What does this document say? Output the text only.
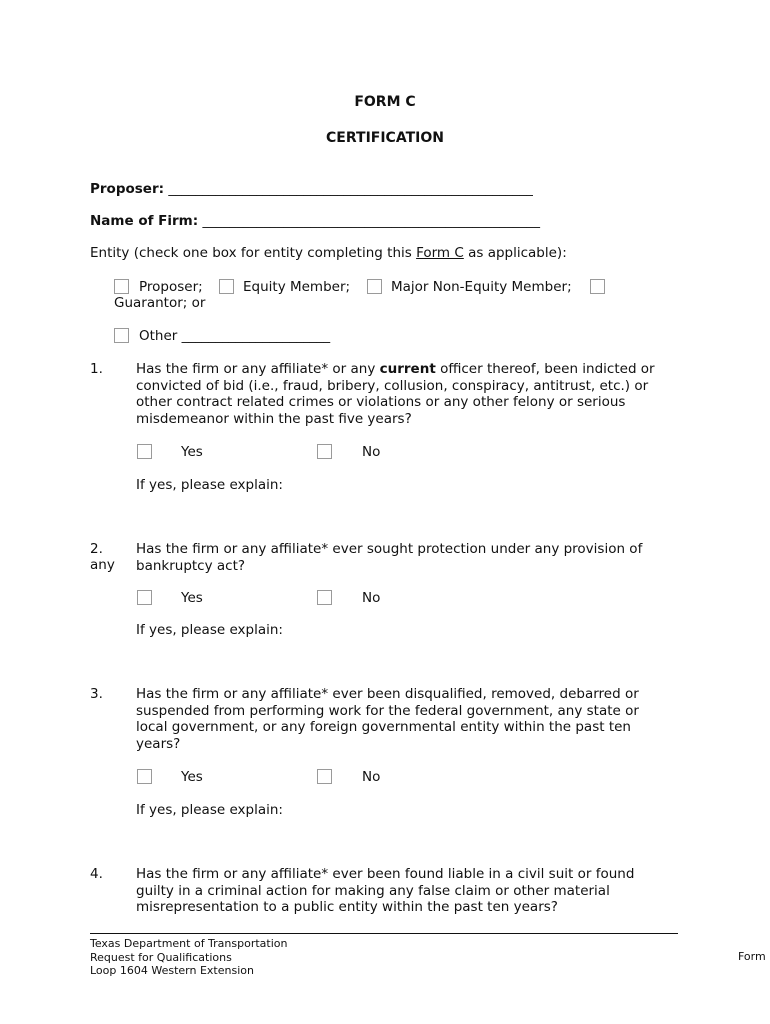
FORM C
CERTIFICATION
Proposer: ______________________________________________________
Name of Firm: __________________________________________________
Entity (check one box for entity completing this Form C as applicable):
Proposer;	Equity Member;	Major Non-Equity Member;
Guarantor; or
Other ______________________
1. Has the firm or any affiliate* or any current officer thereof, been indicted or
convicted of bid (i.e., fraud, bribery, collusion, conspiracy, antitrust, etc.) or
other contract related crimes or violations or any other felony or serious
misdemeanor within the past five years?
Yes	No
If yes, please explain:
2.
any
Has the firm or any affiliate* ever sought protection under any provision of
bankruptcy act?
Yes	No
If yes, please explain:
3. Has the firm or any affiliate* ever been disqualified, removed, debarred or
suspended from performing work for the federal government, any state or
local government, or any foreign governmental entity within the past ten
years?
Yes	No
If yes, please explain:
4. Has the firm or any affiliate* ever been found liable in a civil suit or found
guilty in a criminal action for making any false claim or other material
misrepresentation to a public entity within the past ten years?
Texas Department of Transportation
Request for Qualifications
Loop 1604 Western Extension
Form
